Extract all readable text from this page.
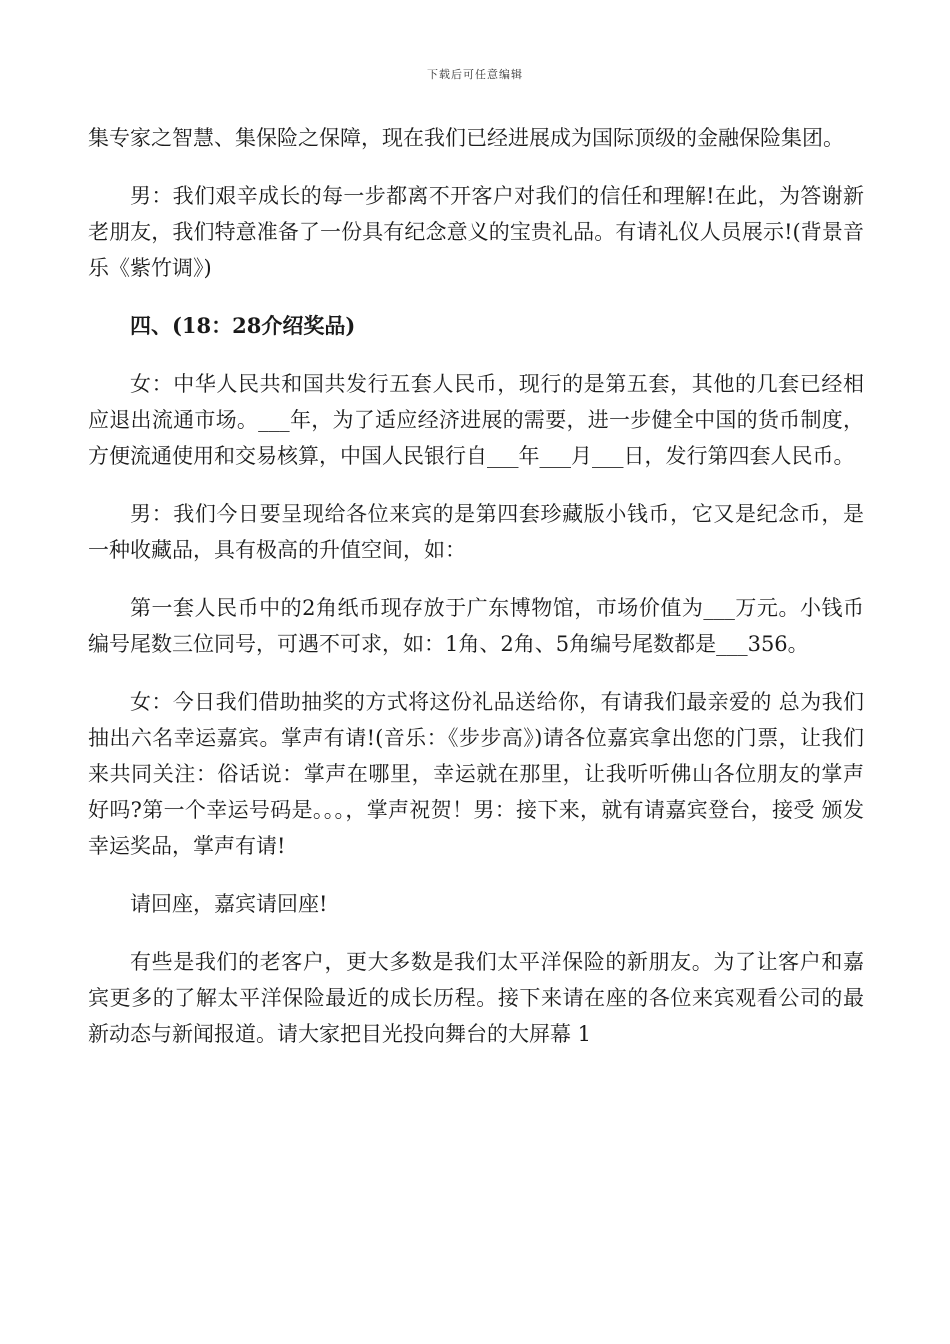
下载后可任意编辑

集专家之智慧、集保险之保障，现在我们已经进展成为国际顶级的金融保险集团。

男：我们艰辛成长的每一步都离不开客户对我们的信任和理解!在此，为答谢新老朋友，我们特意准备了一份具有纪念意义的宝贵礼品。有请礼仪人员展示!(背景音乐《紫竹调》)

四、(18：28介绍奖品)

女：中华人民共和国共发行五套人民币，现行的是第五套，其他的几套已经相应退出流通市场。___年，为了适应经济进展的需要，进一步健全中国的货币制度，方便流通使用和交易核算，中国人民银行自___年___月___日，发行第四套人民币。

男：我们今日要呈现给各位来宾的是第四套珍藏版小钱币，它又是纪念币，是一种收藏品，具有极高的升值空间，如：

第一套人民币中的2角纸币现存放于广东博物馆，市场价值为___万元。小钱币编号尾数三位同号，可遇不可求，如：1角、2角、5角编号尾数都是___356。

女：今日我们借助抽奖的方式将这份礼品送给你，有请我们最亲爱的 总为我们抽出六名幸运嘉宾。掌声有请!(音乐：《步步高》)请各位嘉宾拿出您的门票，让我们来共同关注：俗话说：掌声在哪里，幸运就在那里，让我听听佛山各位朋友的掌声好吗?第一个幸运号码是。。。，掌声祝贺！男：接下来，就有请嘉宾登台，接受 颁发幸运奖品，掌声有请!

请回座，嘉宾请回座!

有些是我们的老客户，更大多数是我们太平洋保险的新朋友。为了让客户和嘉宾更多的了解太平洋保险最近的成长历程。接下来请在座的各位来宾观看公司的最新动态与新闻报道。请大家把目光投向舞台的大屏幕 1
